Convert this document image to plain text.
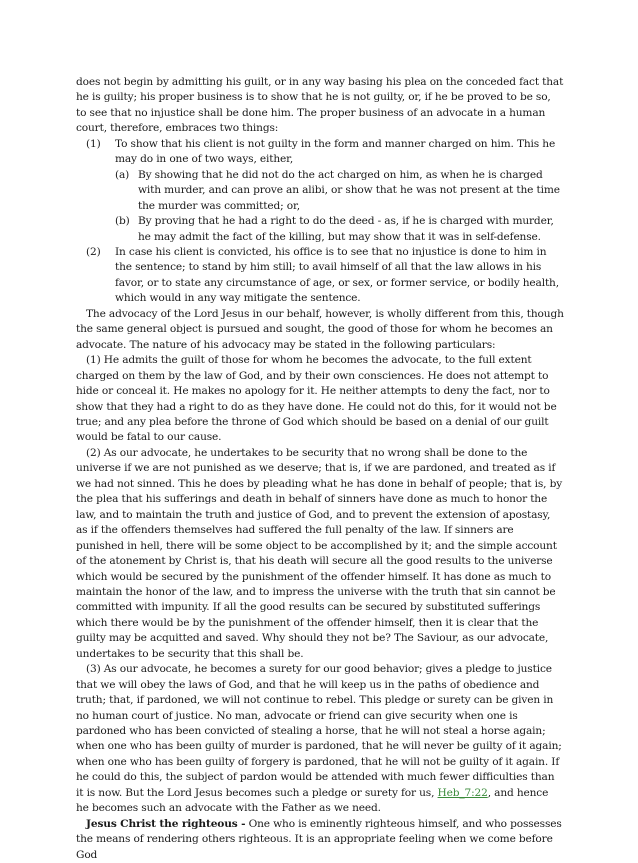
does not begin by admitting his guilt, or in any way basing his plea on the conceded fact that he is guilty; his proper business is to show that he is not guilty, or, if he be proved to be so, to see that no injustice shall be done him. The proper business of an advocate in a human court, therefore, embraces two things:

(1)	To show that his client is not guilty in the form and manner charged on him. This he may do in one of two ways, either,
(a) By showing that he did not do the act charged on him, as when he is charged with murder, and can prove an alibi, or show that he was not present at the time the murder was committed; or,
(b) By proving that he had a right to do the deed - as, if he is charged with murder, he may admit the fact of the killing, but may show that it was in self-defense.
(2)	In case his client is convicted, his office is to see that no injustice is done to him in the sentence; to stand by him still; to avail himself of all that the law allows in his favor, or to state any circumstance of age, or sex, or former service, or bodily health, which would in any way mitigate the sentence.

The advocacy of the Lord Jesus in our behalf, however, is wholly different from this, though the same general object is pursued and sought, the good of those for whom he becomes an advocate. The nature of his advocacy may be stated in the following particulars:

(1) He admits the guilt of those for whom he becomes the advocate, to the full extent charged on them by the law of God, and by their own consciences. He does not attempt to hide or conceal it. He makes no apology for it. He neither attempts to deny the fact, nor to show that they had a right to do as they have done. He could not do this, for it would not be true; and any plea before the throne of God which should be based on a denial of our guilt would be fatal to our cause.

(2) As our advocate, he undertakes to be security that no wrong shall be done to the universe if we are not punished as we deserve; that is, if we are pardoned, and treated as if we had not sinned. This he does by pleading what he has done in behalf of people; that is, by the plea that his sufferings and death in behalf of sinners have done as much to honor the law, and to maintain the truth and justice of God, and to prevent the extension of apostasy, as if the offenders themselves had suffered the full penalty of the law. If sinners are punished in hell, there will be some object to be accomplished by it; and the simple account of the atonement by Christ is, that his death will secure all the good results to the universe which would be secured by the punishment of the offender himself. It has done as much to maintain the honor of the law, and to impress the universe with the truth that sin cannot be committed with impunity. If all the good results can be secured by substituted sufferings which there would be by the punishment of the offender himself, then it is clear that the guilty may be acquitted and saved. Why should they not be? The Saviour, as our advocate, undertakes to be security that this shall be.

(3) As our advocate, he becomes a surety for our good behavior; gives a pledge to justice that we will obey the laws of God, and that he will keep us in the paths of obedience and truth; that, if pardoned, we will not continue to rebel. This pledge or surety can be given in no human court of justice. No man, advocate or friend can give security when one is pardoned who has been convicted of stealing a horse, that he will not steal a horse again; when one who has been guilty of murder is pardoned, that he will never be guilty of it again; when one who has been guilty of forgery is pardoned, that he will not be guilty of it again. If he could do this, the subject of pardon would be attended with much fewer difficulties than it is now. But the Lord Jesus becomes such a pledge or surety for us, Heb_7:22, and hence he becomes such an advocate with the Father as we need.

Jesus Christ the righteous - One who is eminently righteous himself, and who possesses the means of rendering others righteous. It is an appropriate feeling when we come before God
